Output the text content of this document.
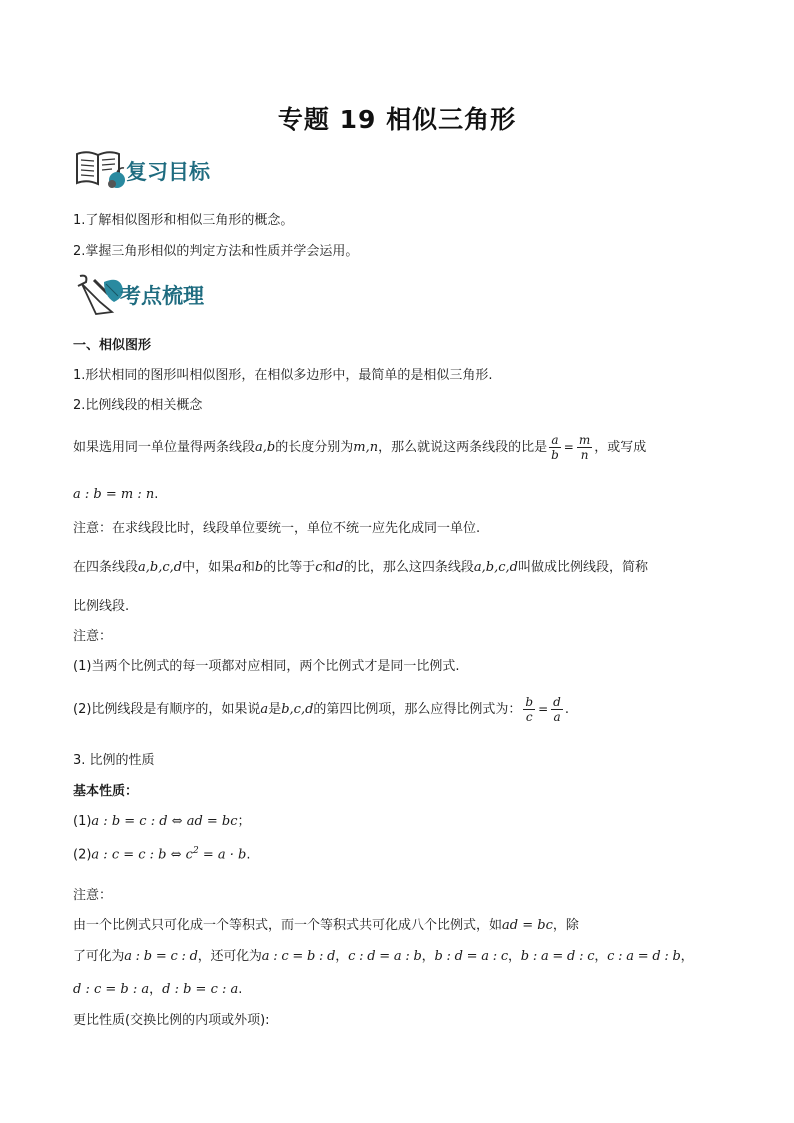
专题 19 相似三角形
复习目标
1.了解相似图形和相似三角形的概念。
2.掌握三角形相似的判定方法和性质并学会运用。
考点梳理
一、相似图形
1.形状相同的图形叫相似图形，在相似多边形中，最简单的是相似三角形.
2.比例线段的相关概念
如果选用同一单位量得两条线段a,b的长度分别为m,n，那么就说这两条线段的比是 $\frac{a}{b} = \frac{m}{n}$ ，或写成
a : b = m : n.
注意：在求线段比时，线段单位要统一，单位不统一应先化成同一单位.
在四条线段a,b,c,d中，如果a和b的比等于c和d的比，那么这四条线段a,b,c,d叫做成比例线段，简称
比例线段.
注意：
(1)当两个比例式的每一项都对应相同，两个比例式才是同一比例式.
(2)比例线段是有顺序的，如果说a是b,c,d的第四比例项，那么应得比例式为： $\frac{b}{c} = \frac{d}{a}$ .
3. 比例的性质
基本性质：
(1)a : b = c : d ⇔ ad = bc；
(2)a : c = c : b ⇔ $c^2 = a \cdot b$.
注意：
由一个比例式只可化成一个等积式，而一个等积式共可化成八个比例式，如ad = bc，除
了可化为a : b = c : d，还可化为a : c = b : d，c : d = a : b，b : d = a : c，b : a = d : c，c : a = d : b，
d : c = b : a，d : b = c : a.
更比性质(交换比例的内项或外项):
